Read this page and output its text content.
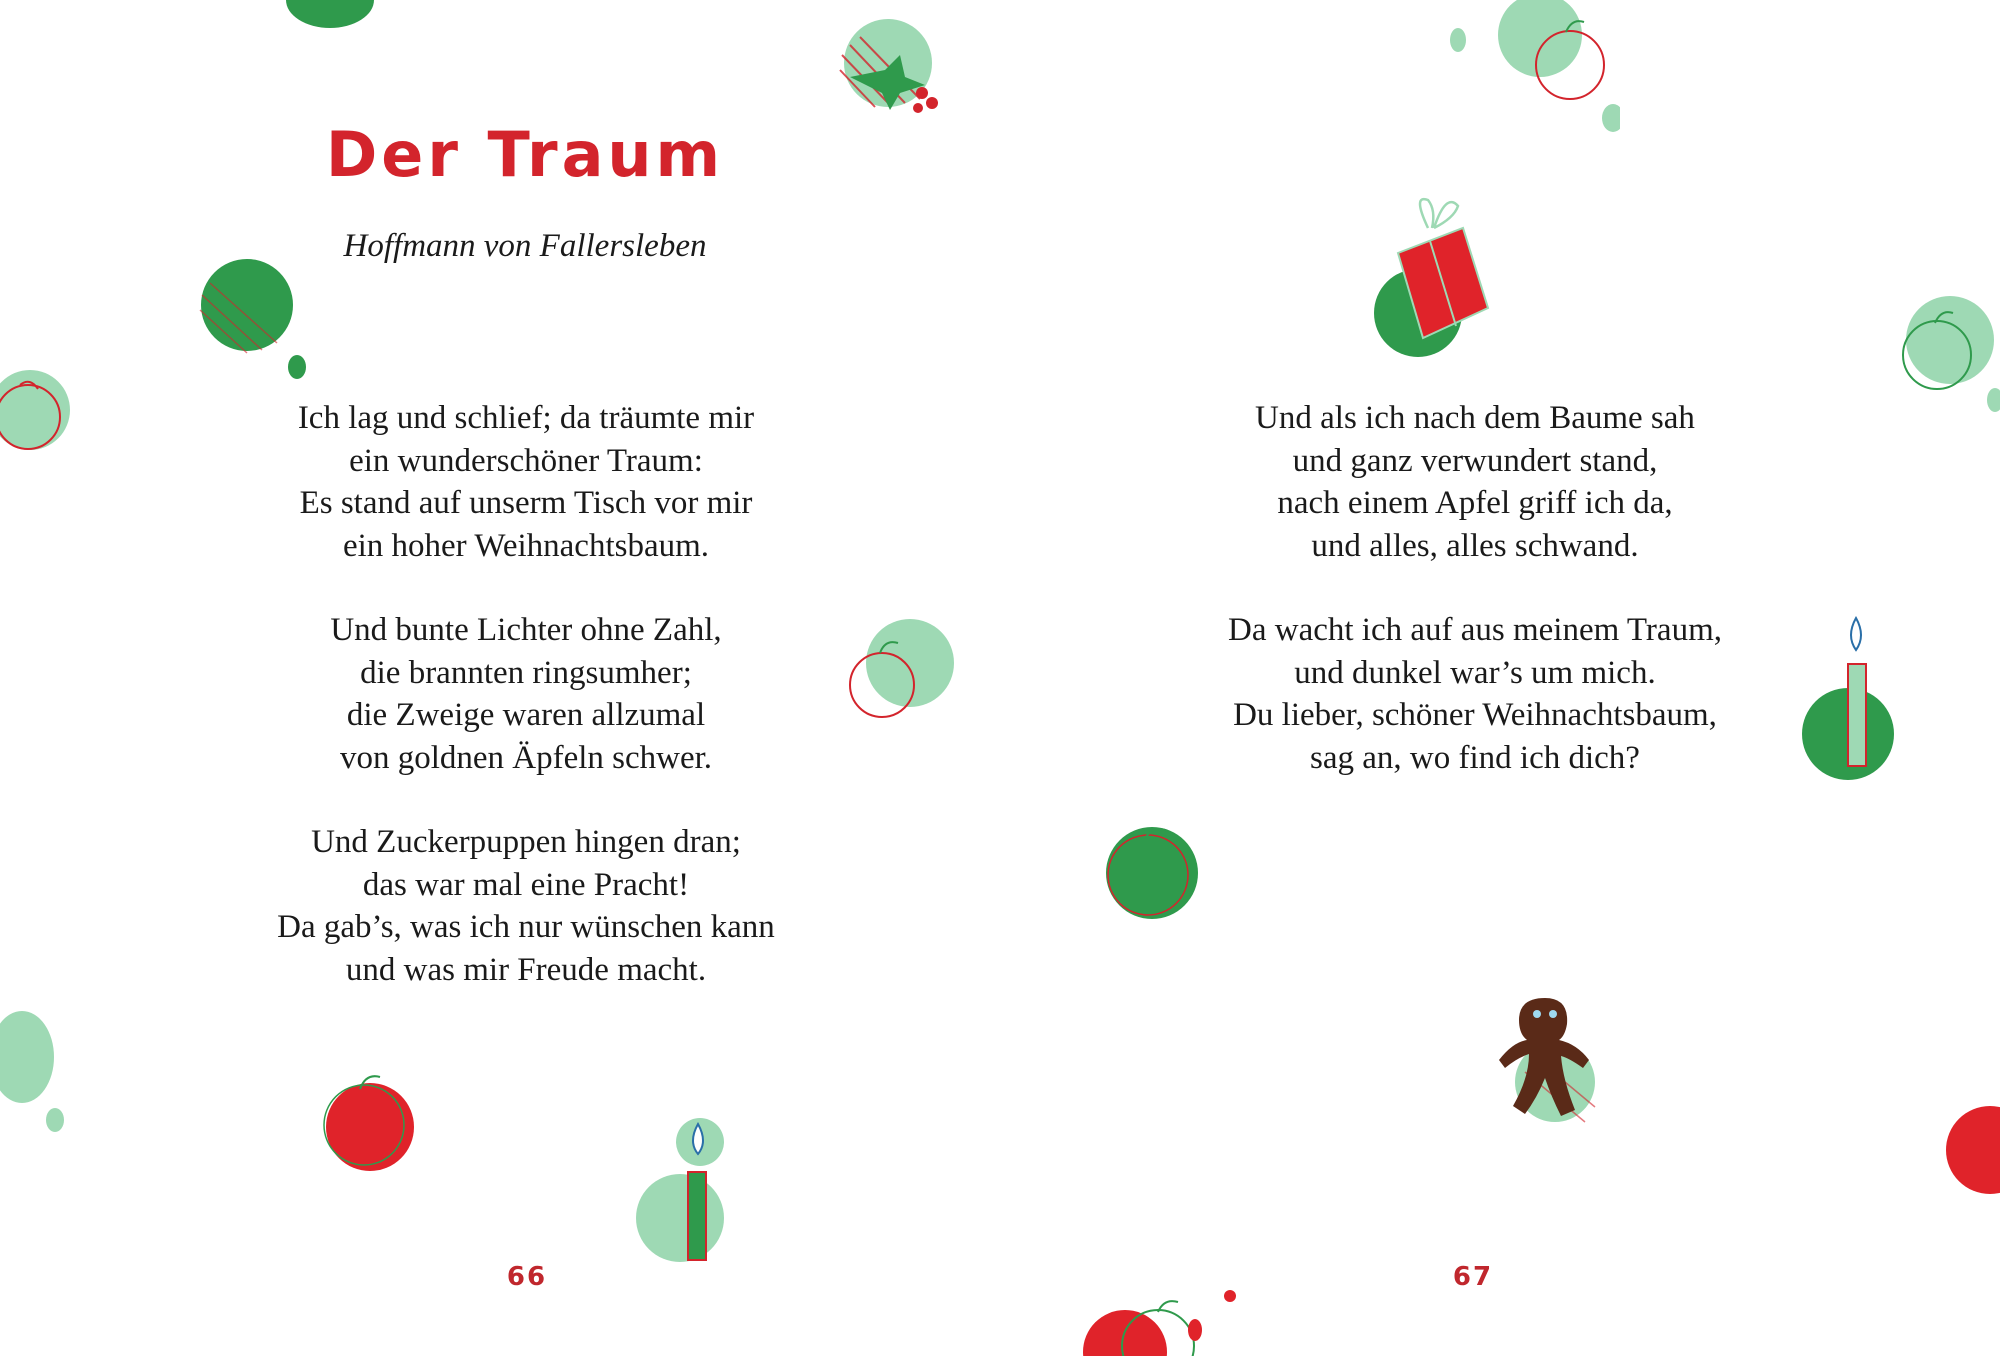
Der Traum

Hoffmann von Fallersleben

Ich lag und schlief; da träumte mir
ein wunderschöner Traum:
Es stand auf unserm Tisch vor mir
ein hoher Weihnachtsbaum.
Und bunte Lichter ohne Zahl,
die brannten ringsumher;
die Zweige waren allzumal
von goldnen Äpfeln schwer.
Und Zuckerpuppen hingen dran;
das war mal eine Pracht!
Da gab’s, was ich nur wünschen kann
und was mir Freude macht.
66
Und als ich nach dem Baume sah
und ganz verwundert stand,
nach einem Apfel griff ich da,
und alles, alles schwand.
Da wacht ich auf aus meinem Traum,
und dunkel war’s um mich.
Du lieber, schöner Weihnachtsbaum,
sag an, wo find ich dich?
67
